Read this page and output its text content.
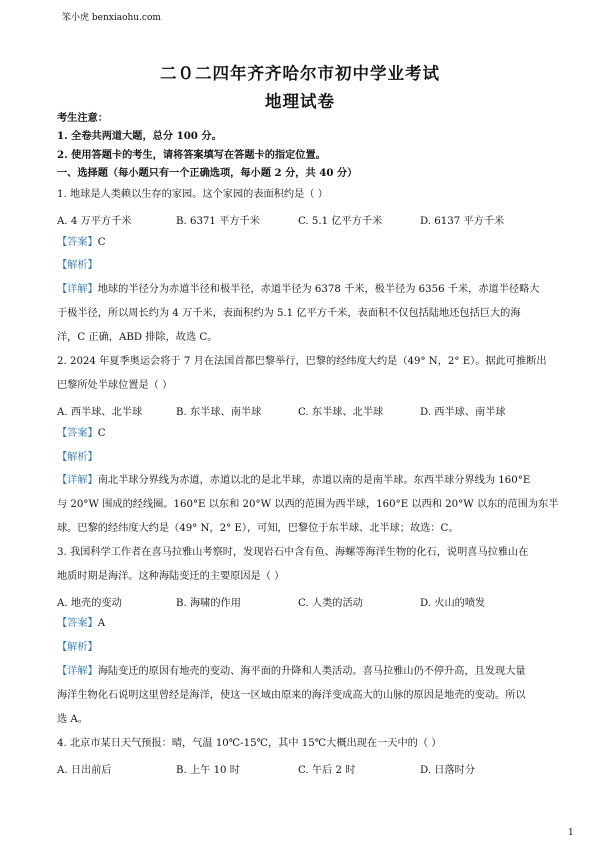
笨小虎 benxiaohu.com
二０二四年齐齐哈尔市初中学业考试
地理试卷
考生注意：
1. 全卷共两道大题，总分 100 分。
2. 使用答题卡的考生，请将答案填写在答题卡的指定位置。
一、选择题（每小题只有一个正确选项，每小题 2 分，共 40 分）
1. 地球是人类赖以生存的家园。这个家园的表面积约是（ ）
A. 4 万平方千米	B. 6371 平方千米	C. 5.1 亿平方千米	D. 6137 平方千米
【答案】C
【解析】
【详解】地球的半径分为赤道半径和极半径，赤道半径为 6378 千米，极半径为 6356 千米，赤道半径略大
于极半径，所以周长约为 4 万千米，表面积约为 5.1 亿平方千米，表面积不仅包括陆地还包括巨大的海
洋，C 正确，ABD 排除，故选 C。
2. 2024 年夏季奥运会将于 7 月在法国首都巴黎举行，巴黎的经纬度大约是（49° N，2° E）。据此可推断出
巴黎所处半球位置是（ ）
A. 西半球、北半球	B. 东半球、南半球	C. 东半球、北半球	D. 西半球、南半球
【答案】C
【解析】
【详解】南北半球分界线为赤道，赤道以北的是北半球，赤道以南的是南半球。东西半球分界线为 160°E
与 20°W 围成的经线圈。160°E 以东和 20°W 以西的范围为西半球，160°E 以西和 20°W 以东的范围为东半
球。巴黎的经纬度大约是（49° N，2° E），可知，巴黎位于东半球、北半球；故选：C。
3. 我国科学工作者在喜马拉雅山考察时，发现岩石中含有鱼、海螺等海洋生物的化石，说明喜马拉雅山在
地质时期是海洋。这种海陆变迁的主要原因是（ ）
A. 地壳的变动	B. 海啸的作用	C. 人类的活动	D. 火山的喷发
【答案】A
【解析】
【详解】海陆变迁的原因有地壳的变动、海平面的升降和人类活动。喜马拉雅山仍不停升高，且发现大量
海洋生物化石说明这里曾经是海洋，使这一区域由原来的海洋变成高大的山脉的原因是地壳的变动。所以
选 A。
4. 北京市某日天气预报：晴，气温 10℃-15℃，其中 15℃大概出现在一天中的（ ）
A. 日出前后	B. 上午 10 时	C. 午后 2 时	D. 日落时分
1
